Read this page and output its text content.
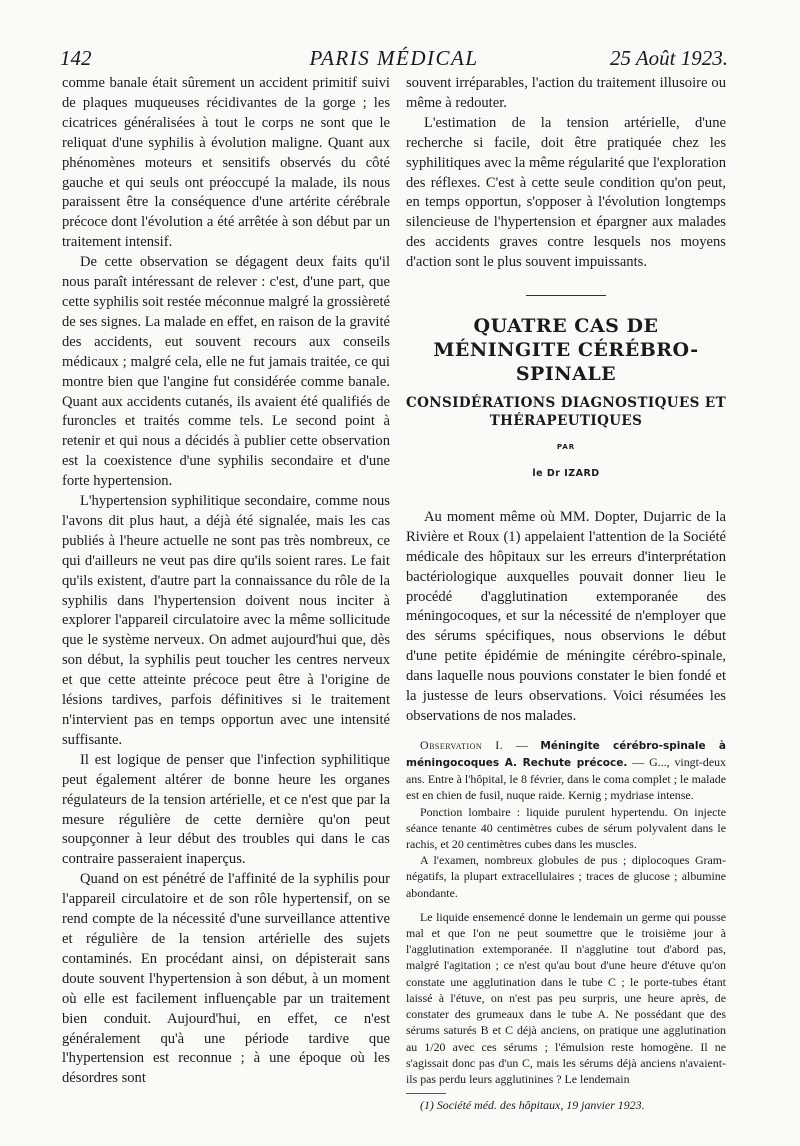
142	PARIS MÉDICAL	25 Août 1923.

comme banale était sûrement un accident primitif suivi de plaques muqueuses récidivantes de la gorge ; les cicatrices généralisées à tout le corps ne sont que le reliquat d'une syphilis à évolution maligne. Quant aux phénomènes moteurs et sensitifs observés du côté gauche et qui seuls ont préoccupé la malade, ils nous paraissent être la conséquence d'une artérite cérébrale précoce dont l'évolution a été arrêtée à son début par un traitement intensif.

De cette observation se dégagent deux faits qu'il nous paraît intéressant de relever : c'est, d'une part, que cette syphilis soit restée méconnue malgré la grossièreté de ses signes. La malade en effet, en raison de la gravité des accidents, eut souvent recours aux conseils médicaux ; malgré cela, elle ne fut jamais traitée, ce qui montre bien que l'angine fut considérée comme banale. Quant aux accidents cutanés, ils avaient été qualifiés de furoncles et traités comme tels. Le second point à retenir et qui nous a décidés à publier cette observation est la coexistence d'une syphilis secondaire et d'une forte hypertension.

L'hypertension syphilitique secondaire, comme nous l'avons dit plus haut, a déjà été signalée, mais les cas publiés à l'heure actuelle ne sont pas très nombreux, ce qui d'ailleurs ne veut pas dire qu'ils soient rares. Le fait qu'ils existent, d'autre part la connaissance du rôle de la syphilis dans l'hypertension doivent nous inciter à explorer l'appareil circulatoire avec la même sollicitude que le système nerveux. On admet aujourd'hui que, dès son début, la syphilis peut toucher les centres nerveux et que cette atteinte précoce peut être à l'origine de lésions tardives, parfois définitives si le traitement n'intervient pas en temps opportun avec une intensité suffisante.

Il est logique de penser que l'infection syphilitique peut également altérer de bonne heure les organes régulateurs de la tension artérielle, et ce n'est que par la mesure régulière de cette dernière qu'on peut soupçonner à leur début des troubles qui dans le cas contraire passeraient inaperçus.

Quand on est pénétré de l'affinité de la syphilis pour l'appareil circulatoire et de son rôle hypertensif, on se rend compte de la nécessité d'une surveillance attentive et régulière de la tension artérielle des sujets contaminés. En procédant ainsi, on dépisterait sans doute souvent l'hypertension à son début, à un moment où elle est facilement influençable par un traitement bien conduit. Aujourd'hui, en effet, ce n'est généralement qu'à une période tardive que l'hypertension est reconnue ; à une époque où les désordres sont

souvent irréparables, l'action du traitement illusoire ou même à redouter.

L'estimation de la tension artérielle, d'une recherche si facile, doit être pratiquée chez les syphilitiques avec la même régularité que l'exploration des réflexes. C'est à cette seule condition qu'on peut, en temps opportun, s'opposer à l'évolution longtemps silencieuse de l'hypertension et épargner aux malades des accidents graves contre lesquels nos moyens d'action sont le plus souvent impuissants.

QUATRE CAS DE MÉNINGITE CÉRÉBRO-SPINALE
CONSIDÉRATIONS DIAGNOSTIQUES ET THÉRAPEUTIQUES
PAR
le Dr IZARD

Au moment même où MM. Dopter, Dujarric de la Rivière et Roux (1) appelaient l'attention de la Société médicale des hôpitaux sur les erreurs d'interprétation bactériologique auxquelles pouvait donner lieu le procédé d'agglutination extemporanée des méningocoques, et sur la nécessité de n'employer que des sérums spécifiques, nous observions le début d'une petite épidémie de méningite cérébro-spinale, dans laquelle nous pouvions constater le bien fondé et la justesse de leurs observations. Voici résumées les observations de nos malades.

Observation I. — Méningite cérébro-spinale à méningocoques A. Rechute précoce. — G..., vingt-deux ans. Entre à l'hôpital, le 8 février, dans le coma complet ; le malade est en chien de fusil, nuque raide. Kernig ; mydriase intense.

Ponction lombaire : liquide purulent hypertendu. On injecte séance tenante 40 centimètres cubes de sérum polyvalent dans le rachis, et 20 centimètres cubes dans les muscles.

A l'examen, nombreux globules de pus ; diplocoques Gram-négatifs, la plupart extracellulaires ; traces de glucose ; albumine abondante.

Le liquide ensemencé donne le lendemain un germe qui pousse mal et que l'on ne peut soumettre que le troisième jour à l'agglutination extemporanée. Il n'agglutine tout d'abord pas, malgré l'agitation ; ce n'est qu'au bout d'une heure d'étuve qu'on constate une agglutination dans le tube C ; le porte-tubes étant laissé à l'étuve, on n'est pas peu surpris, une heure après, de constater des grumeaux dans le tube A. Ne possédant que des sérums saturés B et C déjà anciens, on pratique une agglutination au 1/20 avec ces sérums ; l'émulsion reste homogène. Il ne s'agissait donc pas d'un C, mais les sérums déjà anciens n'avaient-ils pas perdu leurs agglutinines ? Le lendemain

(1) Société méd. des hôpitaux, 19 janvier 1923.
